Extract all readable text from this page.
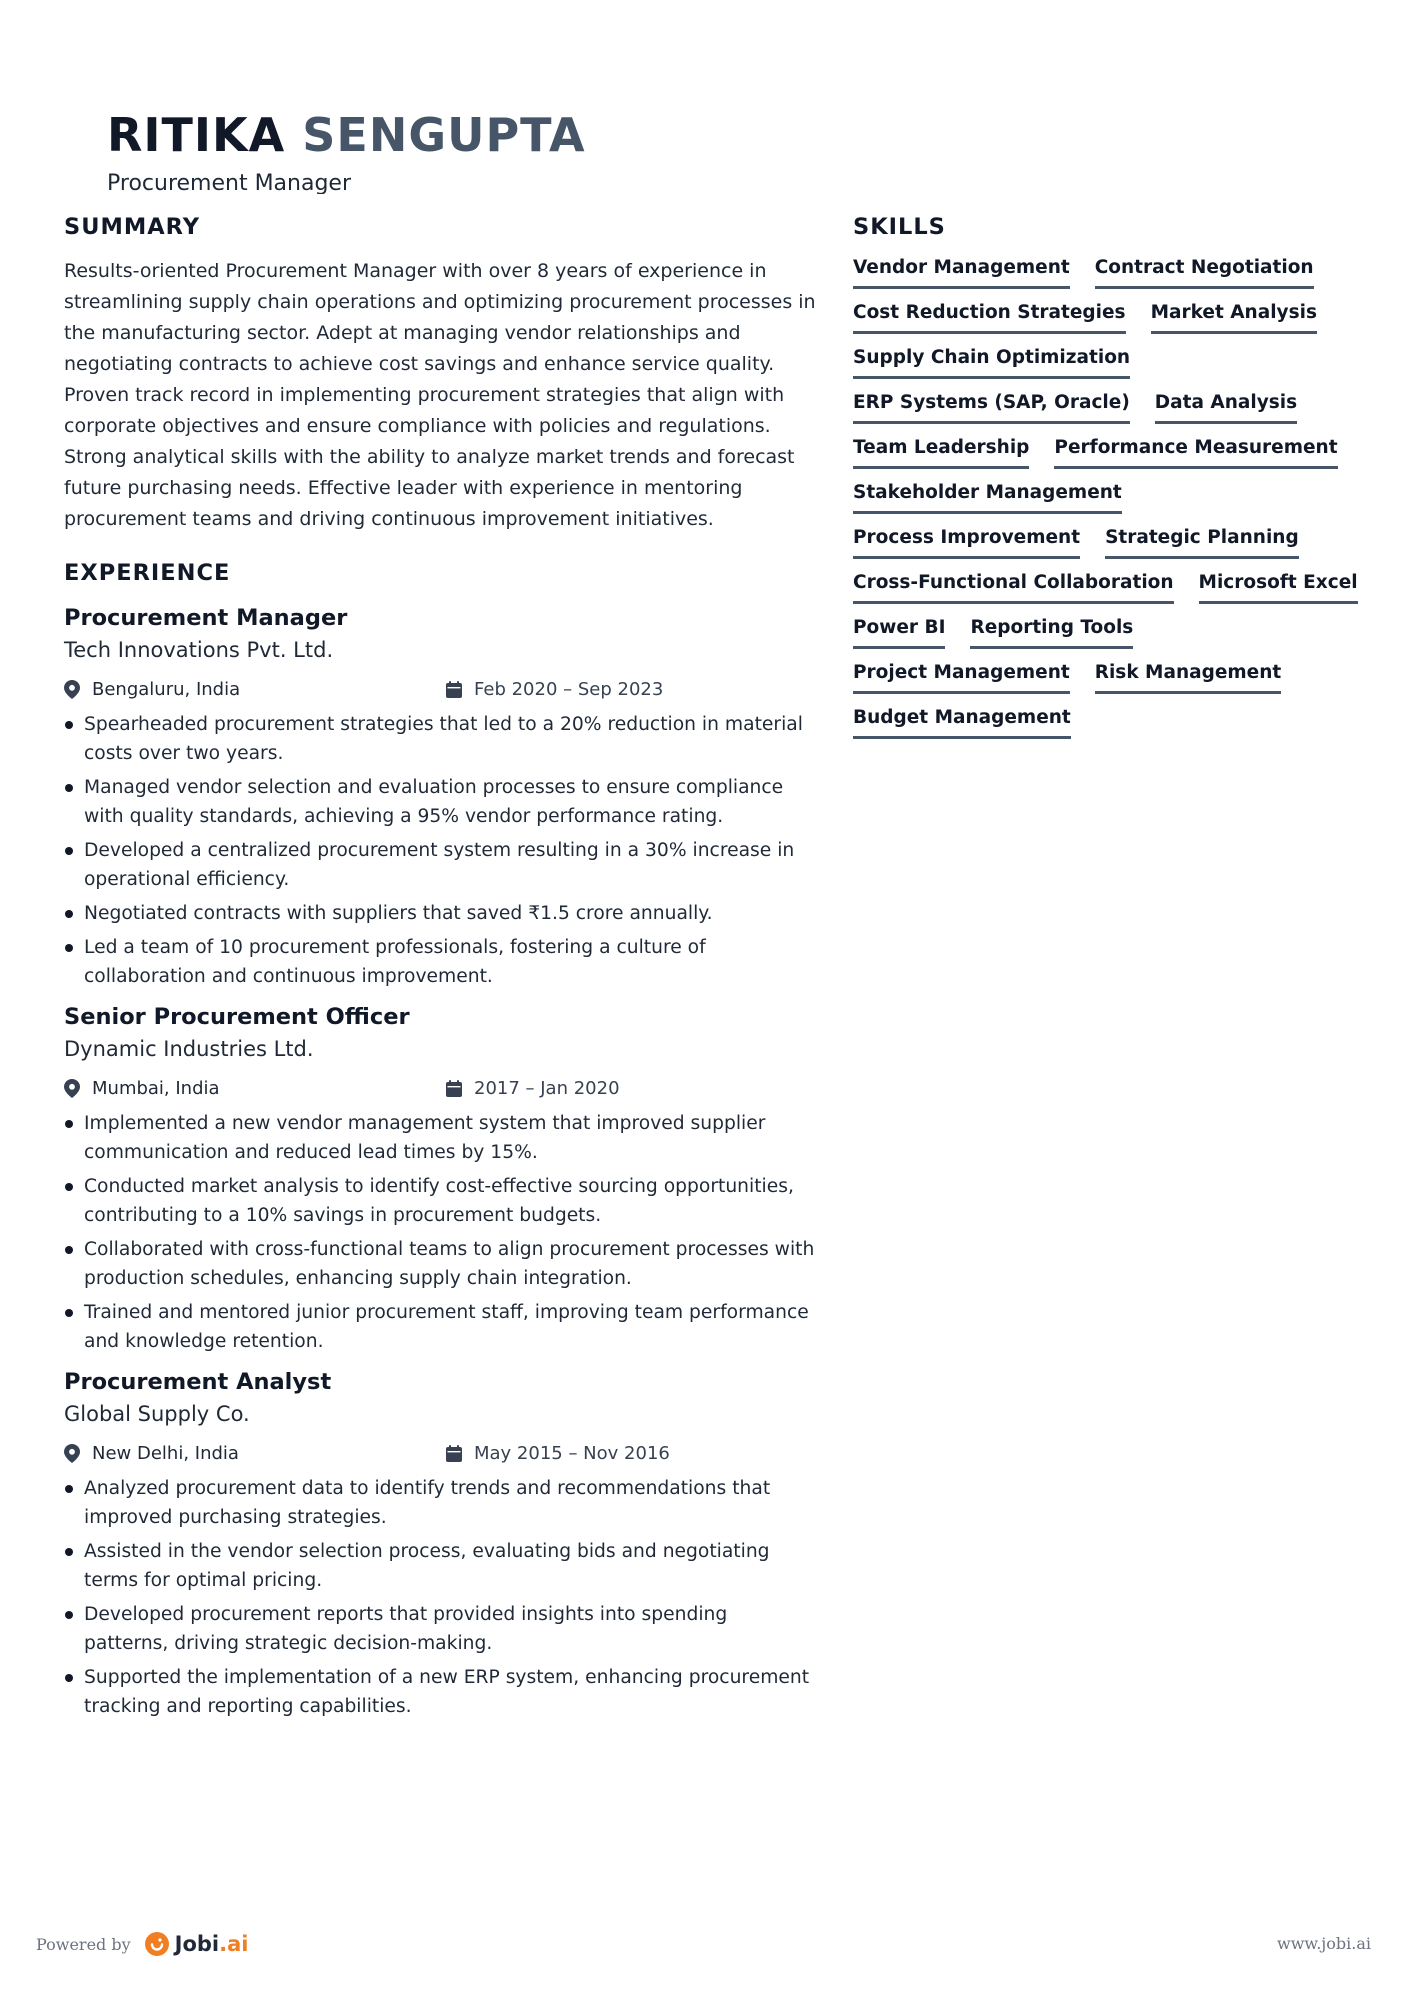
RITIKA SENGUPTA
Procurement Manager
SUMMARY

Results-oriented Procurement Manager with over 8 years of experience in streamlining supply chain operations and optimizing procurement processes in the manufacturing sector. Adept at managing vendor relationships and negotiating contracts to achieve cost savings and enhance service quality. Proven track record in implementing procurement strategies that align with corporate objectives and ensure compliance with policies and regulations. Strong analytical skills with the ability to analyze market trends and forecast future purchasing needs. Effective leader with experience in mentoring procurement teams and driving continuous improvement initiatives.

EXPERIENCE
Procurement Manager
Tech Innovations Pvt. Ltd.
Bengaluru, India	Feb 2020 – Sep 2023
Spearheaded procurement strategies that led to a 20% reduction in material costs over two years.
Managed vendor selection and evaluation processes to ensure compliance with quality standards, achieving a 95% vendor performance rating.
Developed a centralized procurement system resulting in a 30% increase in operational efficiency.
Negotiated contracts with suppliers that saved ₹1.5 crore annually.
Led a team of 10 procurement professionals, fostering a culture of collaboration and continuous improvement.
Senior Procurement Officer
Dynamic Industries Ltd.
Mumbai, India	2017 – Jan 2020
Implemented a new vendor management system that improved supplier communication and reduced lead times by 15%.
Conducted market analysis to identify cost-effective sourcing opportunities, contributing to a 10% savings in procurement budgets.
Collaborated with cross-functional teams to align procurement processes with production schedules, enhancing supply chain integration.
Trained and mentored junior procurement staff, improving team performance and knowledge retention.
Procurement Analyst
Global Supply Co.
New Delhi, India	May 2015 – Nov 2016
Analyzed procurement data to identify trends and recommendations that improved purchasing strategies.
Assisted in the vendor selection process, evaluating bids and negotiating terms for optimal pricing.
Developed procurement reports that provided insights into spending patterns, driving strategic decision-making.
Supported the implementation of a new ERP system, enhancing procurement tracking and reporting capabilities.
SKILLS
Vendor Management Contract Negotiation
Cost Reduction Strategies Market Analysis
Supply Chain Optimization
ERP Systems (SAP, Oracle) Data Analysis
Team Leadership Performance Measurement
Stakeholder Management
Process Improvement Strategic Planning
Cross-Functional Collaboration Microsoft Excel
Power BI Reporting Tools
Project Management Risk Management
Budget Management
Powered by Jobi.ai	www.jobi.ai
